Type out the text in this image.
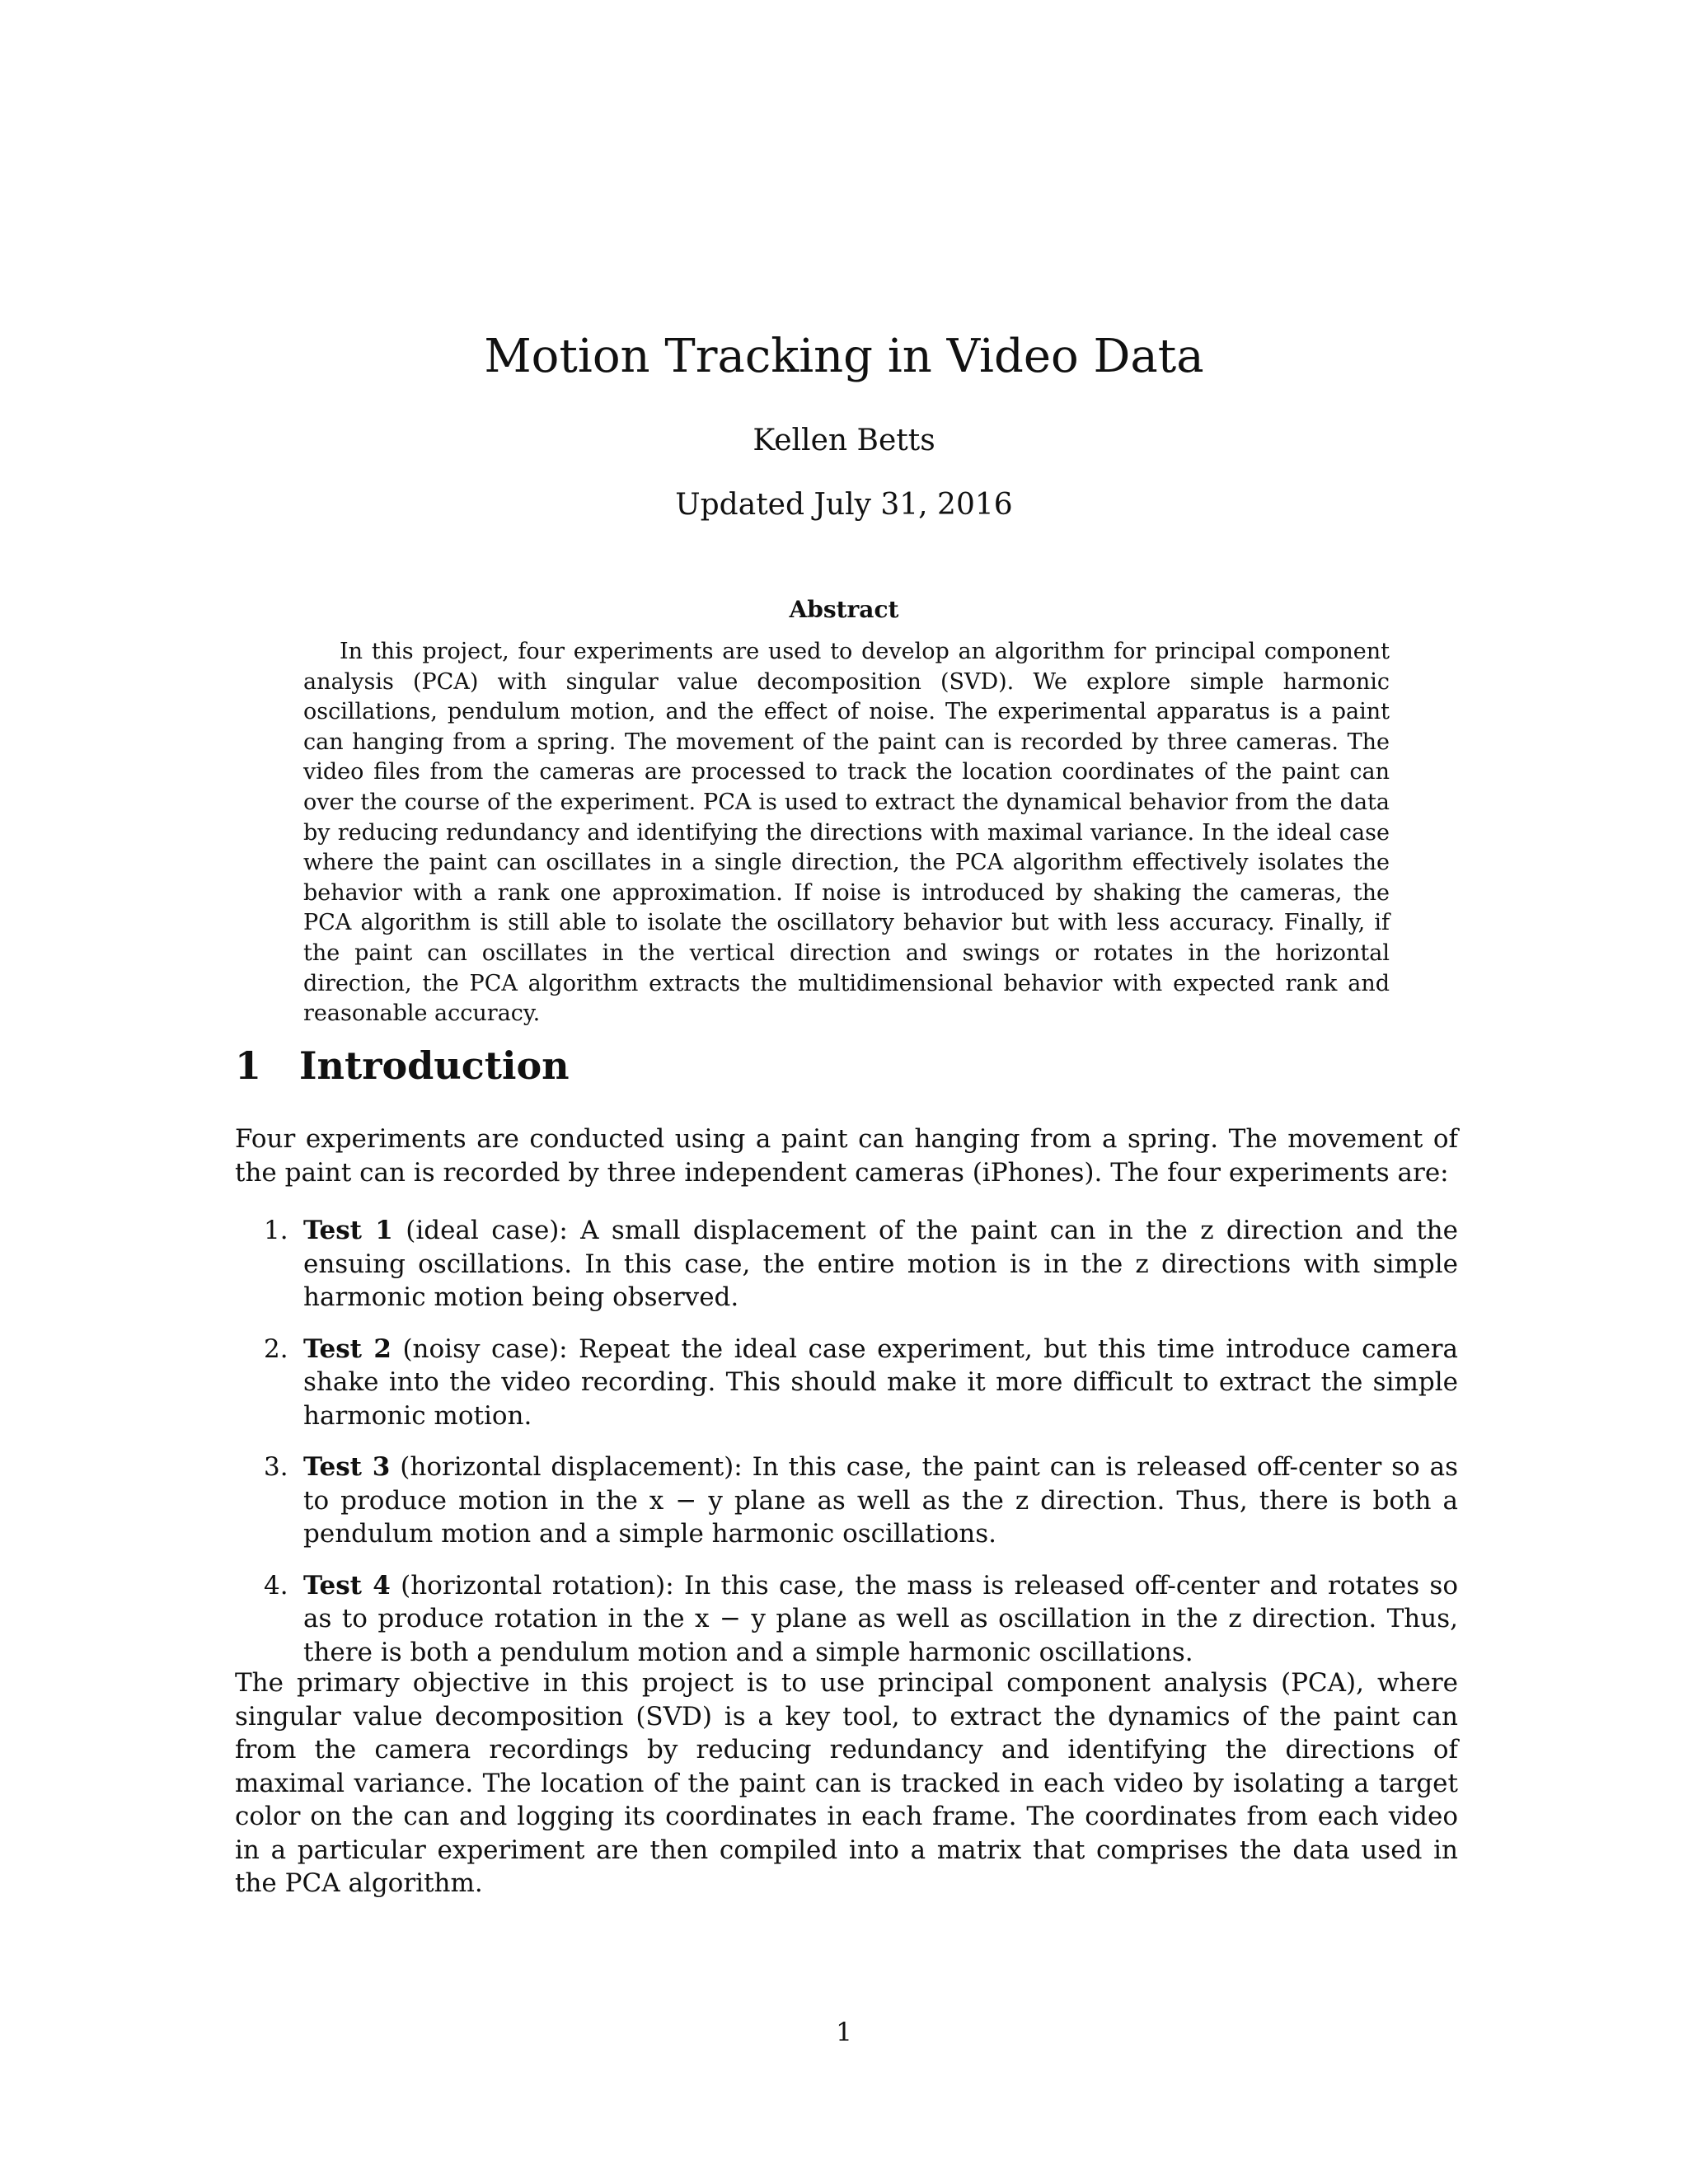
Motion Tracking in Video Data
Kellen Betts
Updated July 31, 2016
Abstract

In this project, four experiments are used to develop an algorithm for principal component analysis (PCA) with singular value decomposition (SVD). We explore simple harmonic oscillations, pendulum motion, and the effect of noise. The experimental apparatus is a paint can hanging from a spring. The movement of the paint can is recorded by three cameras. The video files from the cameras are processed to track the location coordinates of the paint can over the course of the experiment. PCA is used to extract the dynamical behavior from the data by reducing redundancy and identifying the directions with maximal variance. In the ideal case where the paint can oscillates in a single direction, the PCA algorithm effectively isolates the behavior with a rank one approximation. If noise is introduced by shaking the cameras, the PCA algorithm is still able to isolate the oscillatory behavior but with less accuracy. Finally, if the paint can oscillates in the vertical direction and swings or rotates in the horizontal direction, the PCA algorithm extracts the multidimensional behavior with expected rank and reasonable accuracy.

1 Introduction

Four experiments are conducted using a paint can hanging from a spring. The movement of the paint can is recorded by three independent cameras (iPhones). The four experiments are:

1. Test 1 (ideal case): A small displacement of the paint can in the z direction and the ensuing oscillations. In this case, the entire motion is in the z directions with simple harmonic motion being observed.
2. Test 2 (noisy case): Repeat the ideal case experiment, but this time introduce camera shake into the video recording. This should make it more difficult to extract the simple harmonic motion.
3. Test 3 (horizontal displacement): In this case, the paint can is released off-center so as to produce motion in the x − y plane as well as the z direction. Thus, there is both a pendulum motion and a simple harmonic oscillations.
4. Test 4 (horizontal rotation): In this case, the mass is released off-center and rotates so as to produce rotation in the x − y plane as well as oscillation in the z direction. Thus, there is both a pendulum motion and a simple harmonic oscillations.

The primary objective in this project is to use principal component analysis (PCA), where singular value decomposition (SVD) is a key tool, to extract the dynamics of the paint can from the camera recordings by reducing redundancy and identifying the directions of maximal variance. The location of the paint can is tracked in each video by isolating a target color on the can and logging its coordinates in each frame. The coordinates from each video in a particular experiment are then compiled into a matrix that comprises the data used in the PCA algorithm.

1
